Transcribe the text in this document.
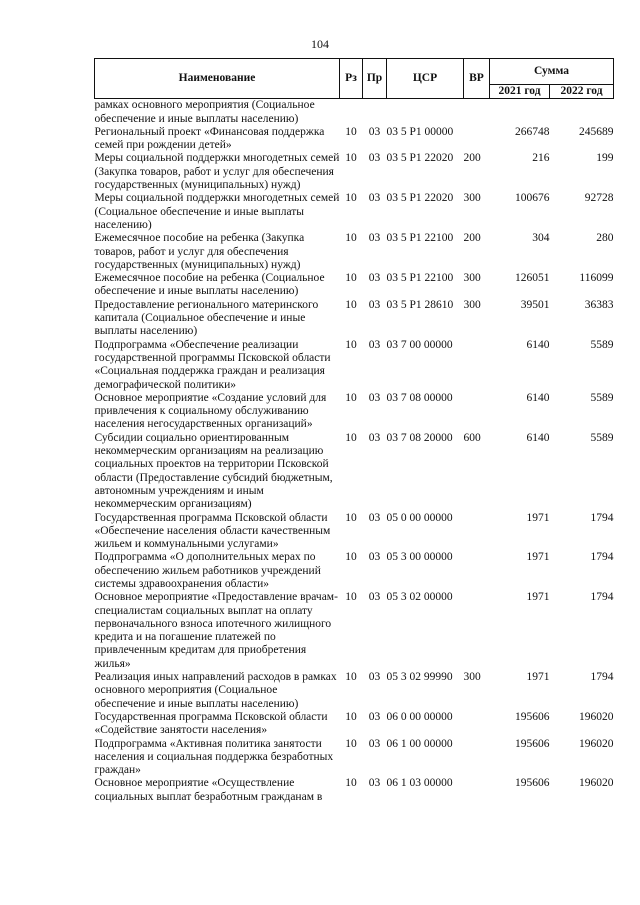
104
Наименование	Рз	Пр	ЦСР	ВР	Сумма	
					2021 год	2022 год
рамках основного мероприятия (Социальное обеспечение и иные выплаты населению)						
Региональный проект «Финансовая поддержка семей при рождении детей»	10	03	03 5 P1 00000		266748	245689
Меры социальной поддержки многодетных семей (Закупка товаров, работ и услуг для обеспечения государственных (муниципальных) нужд)	10	03	03 5 P1 22020	200	216	199
Меры социальной поддержки многодетных семей (Социальное обеспечение и иные выплаты населению)	10	03	03 5 P1 22020	300	100676	92728
Ежемесячное пособие на ребенка (Закупка товаров, работ и услуг для обеспечения государственных (муниципальных) нужд)	10	03	03 5 P1 22100	200	304	280
Ежемесячное пособие на ребенка (Социальное обеспечение и иные выплаты населению)	10	03	03 5 P1 22100	300	126051	116099
Предоставление регионального материнского капитала (Социальное обеспечение и иные выплаты населению)	10	03	03 5 P1 28610	300	39501	36383
Подпрограмма «Обеспечение реализации государственной программы Псковской области «Социальная поддержка граждан и реализация демографической политики»	10	03	03 7 00 00000		6140	5589
Основное мероприятие «Создание условий для привлечения к социальному обслуживанию населения негосударственных организаций»	10	03	03 7 08 00000		6140	5589
Субсидии социально ориентированным некоммерческим организациям на реализацию социальных проектов на территории Псковской области (Предоставление субсидий бюджетным, автономным учреждениям и иным некоммерческим организациям)	10	03	03 7 08 20000	600	6140	5589
Государственная программа Псковской области «Обеспечение населения области качественным жильем и коммунальными услугами»	10	03	05 0 00 00000		1971	1794
Подпрограмма «О дополнительных мерах по обеспечению жильем работников учреждений системы здравоохранения области»	10	03	05 3 00 00000		1971	1794
Основное мероприятие «Предоставление врачам-специалистам социальных выплат на оплату первоначального взноса ипотечного жилищного кредита и на погашение платежей по привлеченным кредитам для приобретения жилья»	10	03	05 3 02 00000		1971	1794
Реализация иных направлений расходов в рамках основного мероприятия (Социальное обеспечение и иные выплаты населению)	10	03	05 3 02 99990	300	1971	1794
Государственная программа Псковской области «Содействие занятости населения»	10	03	06 0 00 00000		195606	196020
Подпрограмма «Активная политика занятости населения и социальная поддержка безработных граждан»	10	03	06 1 00 00000		195606	196020
Основное мероприятие «Осуществление социальных выплат безработным гражданам в	10	03	06 1 03 00000		195606	196020
